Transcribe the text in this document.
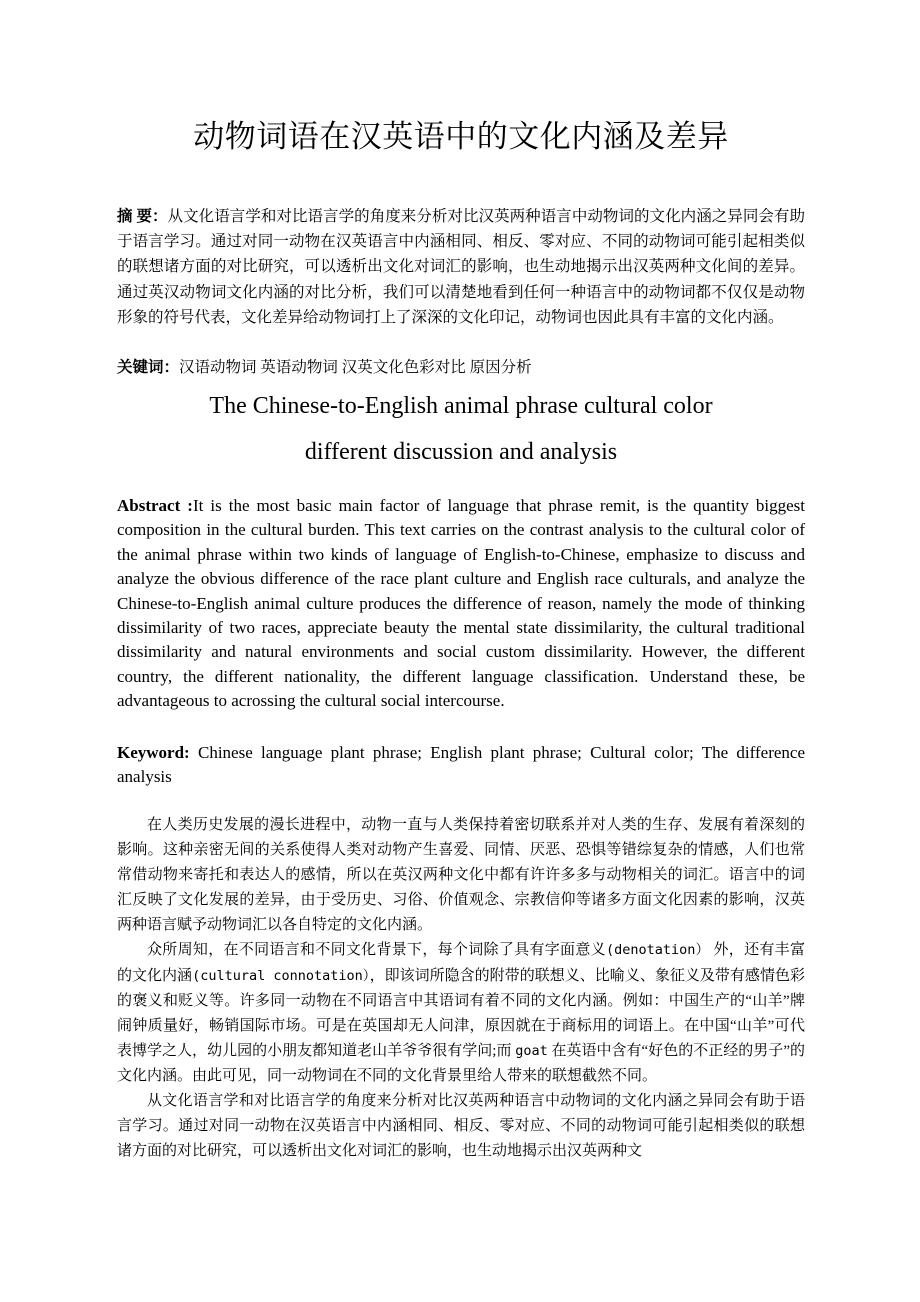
动物词语在汉英语中的文化内涵及差异

摘 要：从文化语言学和对比语言学的角度来分析对比汉英两种语言中动物词的文化内涵之异同会有助于语言学习。通过对同一动物在汉英语言中内涵相同、相反、零对应、不同的动物词可能引起相类似的联想诸方面的对比研究，可以透析出文化对词汇的影响，也生动地揭示出汉英两种文化间的差异。通过英汉动物词文化内涵的对比分析，我们可以清楚地看到任何一种语言中的动物词都不仅仅是动物形象的符号代表，文化差异给动物词打上了深深的文化印记，动物词也因此具有丰富的文化内涵。

关键词：汉语动物词 英语动物词 汉英文化色彩对比 原因分析
The Chinese-to-English animal phrase cultural color
different discussion and analysis

Abstract :It is the most basic main factor of language that phrase remit, is the quantity biggest composition in the cultural burden. This text carries on the contrast analysis to the cultural color of the animal phrase within two kinds of language of English-to-Chinese, emphasize to discuss and analyze the obvious difference of the race plant culture and English race culturals, and analyze the Chinese-to-English animal culture produces the difference of reason, namely the mode of thinking dissimilarity of two races, appreciate beauty the mental state dissimilarity, the cultural traditional dissimilarity and natural environments and social custom dissimilarity. However, the different country, the different nationality, the different language classification. Understand these, be advantageous to acrossing the cultural social intercourse.

Keyword: Chinese language plant phrase; English plant phrase; Cultural color; The difference analysis

在人类历史发展的漫长进程中，动物一直与人类保持着密切联系并对人类的生存、发展有着深刻的影响。这种亲密无间的关系使得人类对动物产生喜爱、同情、厌恶、恐惧等错综复杂的情感，人们也常常借动物来寄托和表达人的感情，所以在英汉两种文化中都有许许多多与动物相关的词汇。语言中的词汇反映了文化发展的差异，由于受历史、习俗、价值观念、宗教信仰等诸多方面文化因素的影响，汉英两种语言赋予动物词汇以各自特定的文化内涵。

众所周知，在不同语言和不同文化背景下，每个词除了具有字面意义(denotation） 外，还有丰富的文化内涵(cultural connotation），即该词所隐含的附带的联想义、比喻义、象征义及带有感情色彩的褒义和贬义等。许多同一动物在不同语言中其语词有着不同的文化内涵。例如：中国生产的“山羊”牌闹钟质量好，畅销国际市场。可是在英国却无人问津，原因就在于商标用的词语上。在中国“山羊”可代表博学之人，幼儿园的小朋友都知道老山羊爷爷很有学问;而 goat 在英语中含有“好色的不正经的男子”的文化内涵。由此可见，同一动物词在不同的文化背景里给人带来的联想截然不同。

从文化语言学和对比语言学的角度来分析对比汉英两种语言中动物词的文化内涵之异同会有助于语言学习。通过对同一动物在汉英语言中内涵相同、相反、零对应、不同的动物词可能引起相类似的联想诸方面的对比研究，可以透析出文化对词汇的影响，也生动地揭示出汉英两种文
